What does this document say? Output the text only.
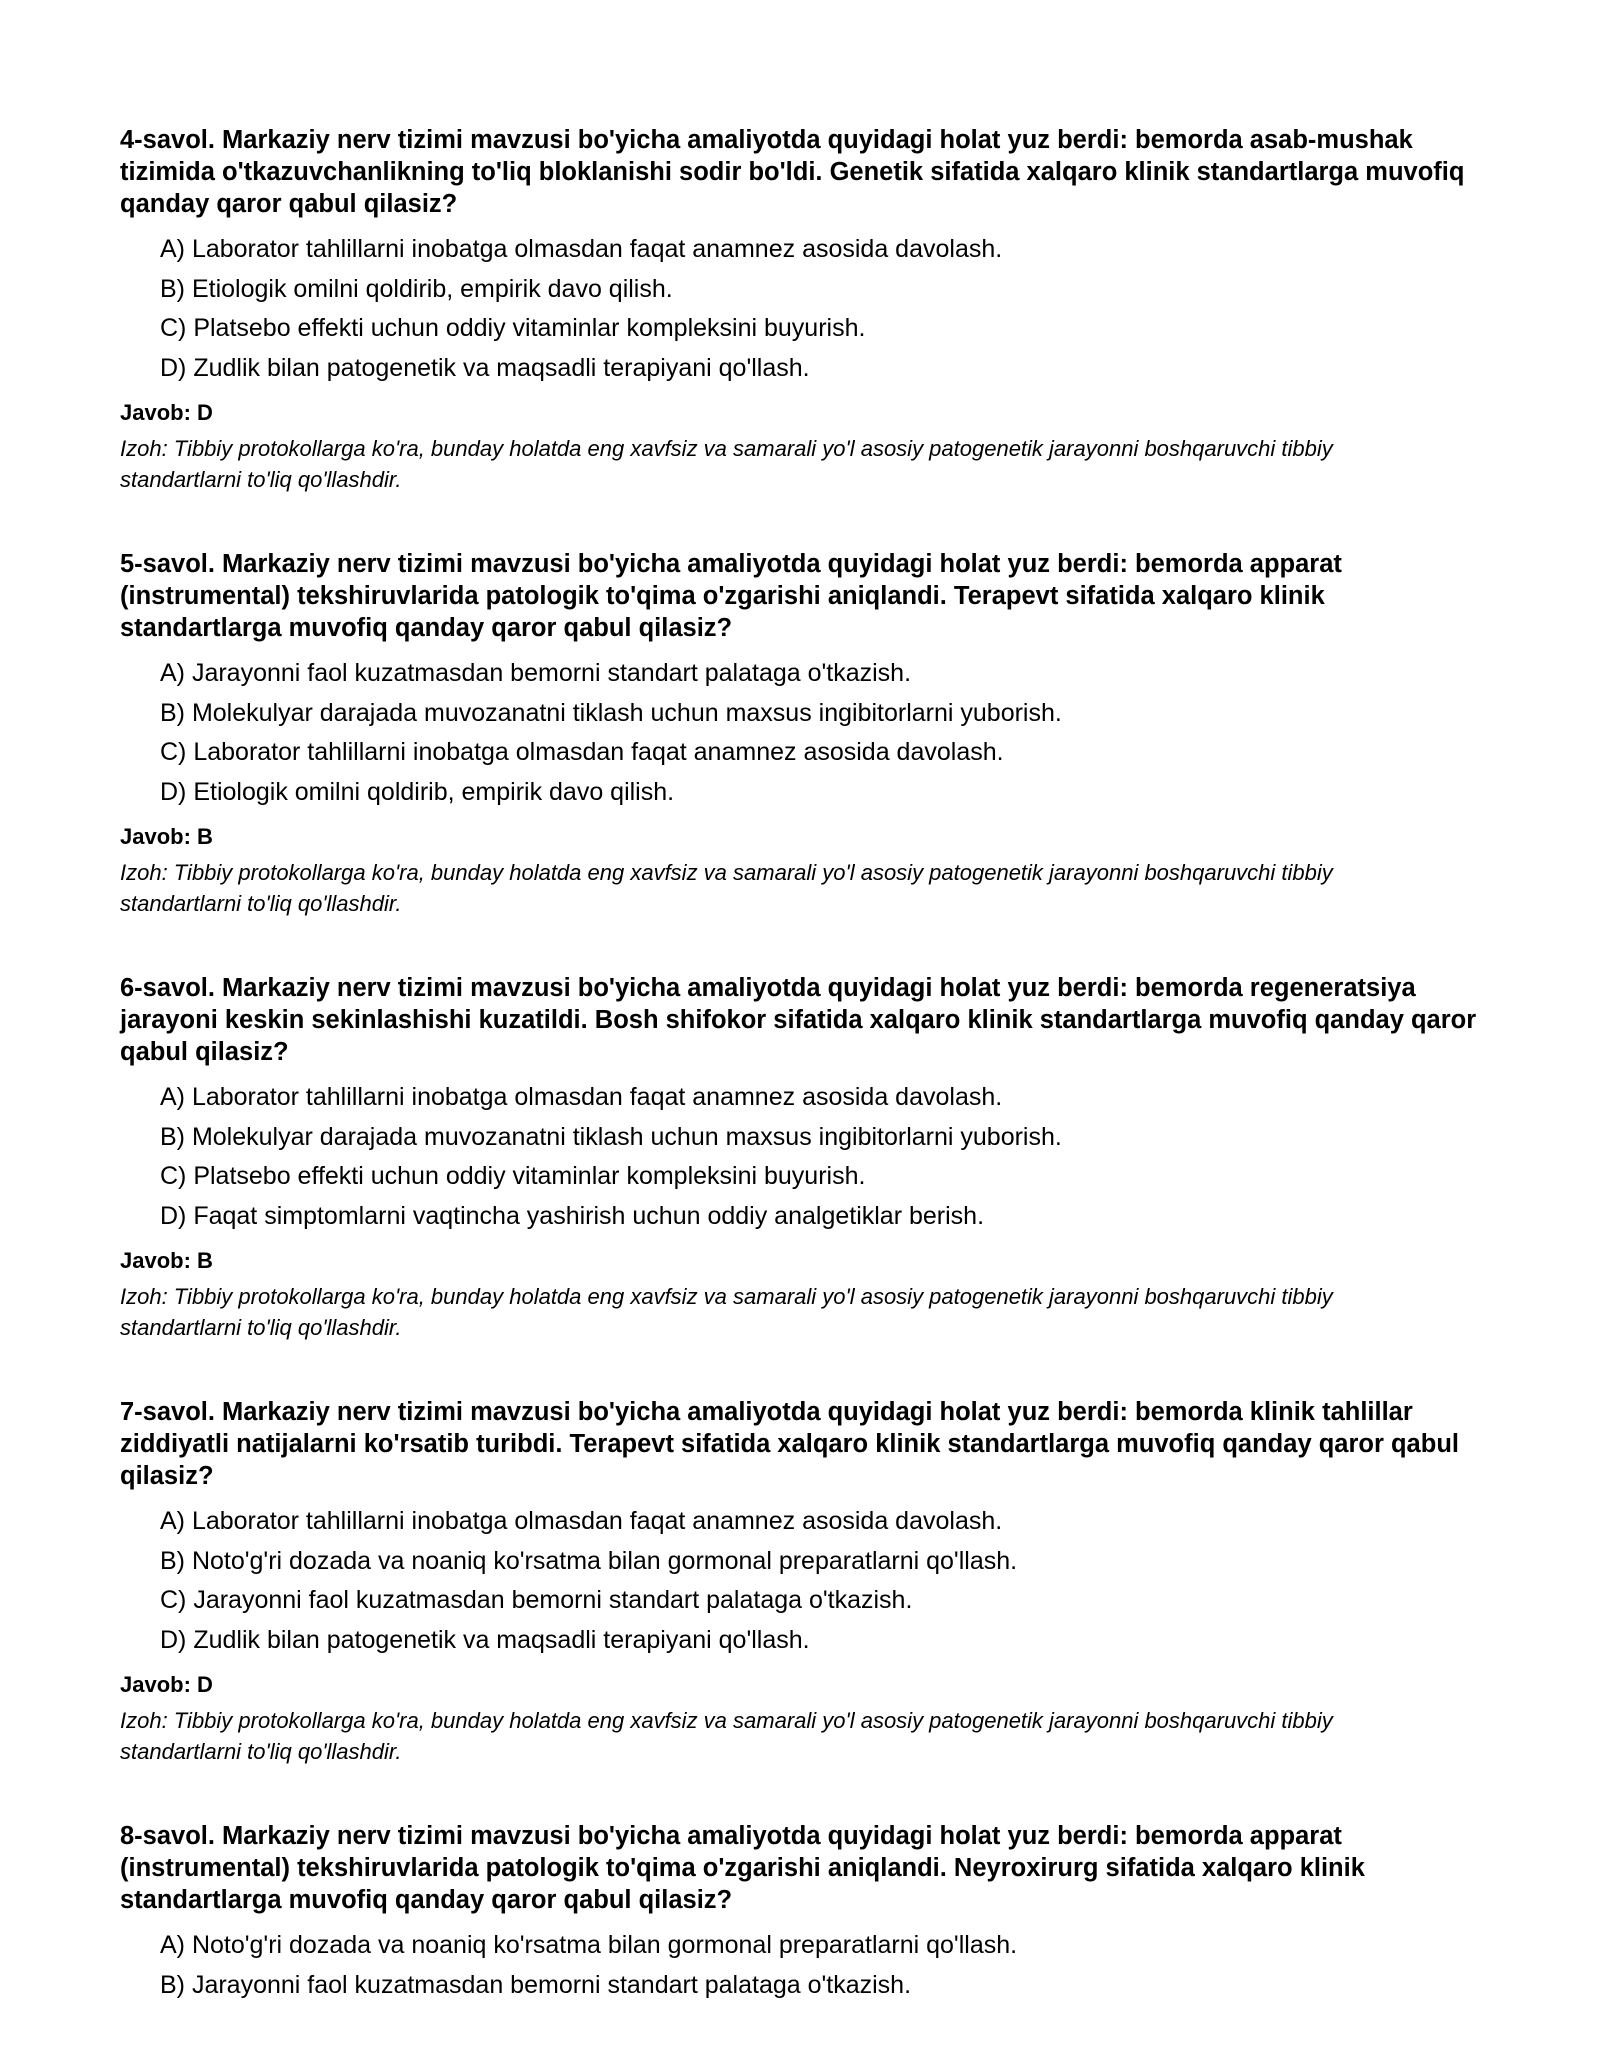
4-savol. Markaziy nerv tizimi mavzusi bo'yicha amaliyotda quyidagi holat yuz berdi: bemorda asab-mushak tizimida o'tkazuvchanlikning to'liq bloklanishi sodir bo'ldi. Genetik sifatida xalqaro klinik standartlarga muvofiq qanday qaror qabul qilasiz?

A) Laborator tahlillarni inobatga olmasdan faqat anamnez asosida davolash.
B) Etiologik omilni qoldirib, empirik davo qilish.
C) Platsebo effekti uchun oddiy vitaminlar kompleksini buyurish.
D) Zudlik bilan patogenetik va maqsadli terapiyani qo'llash.

Javob: D

Izoh: Tibbiy protokollarga ko'ra, bunday holatda eng xavfsiz va samarali yo'l asosiy patogenetik jarayonni boshqaruvchi tibbiy standartlarni to'liq qo'llashdir.

5-savol. Markaziy nerv tizimi mavzusi bo'yicha amaliyotda quyidagi holat yuz berdi: bemorda apparat (instrumental) tekshiruvlarida patologik to'qima o'zgarishi aniqlandi. Terapevt sifatida xalqaro klinik standartlarga muvofiq qanday qaror qabul qilasiz?

A) Jarayonni faol kuzatmasdan bemorni standart palataga o'tkazish.
B) Molekulyar darajada muvozanatni tiklash uchun maxsus ingibitorlarni yuborish.
C) Laborator tahlillarni inobatga olmasdan faqat anamnez asosida davolash.
D) Etiologik omilni qoldirib, empirik davo qilish.

Javob: B

Izoh: Tibbiy protokollarga ko'ra, bunday holatda eng xavfsiz va samarali yo'l asosiy patogenetik jarayonni boshqaruvchi tibbiy standartlarni to'liq qo'llashdir.

6-savol. Markaziy nerv tizimi mavzusi bo'yicha amaliyotda quyidagi holat yuz berdi: bemorda regeneratsiya jarayoni keskin sekinlashishi kuzatildi. Bosh shifokor sifatida xalqaro klinik standartlarga muvofiq qanday qaror qabul qilasiz?

A) Laborator tahlillarni inobatga olmasdan faqat anamnez asosida davolash.
B) Molekulyar darajada muvozanatni tiklash uchun maxsus ingibitorlarni yuborish.
C) Platsebo effekti uchun oddiy vitaminlar kompleksini buyurish.
D) Faqat simptomlarni vaqtincha yashirish uchun oddiy analgetiklar berish.

Javob: B

Izoh: Tibbiy protokollarga ko'ra, bunday holatda eng xavfsiz va samarali yo'l asosiy patogenetik jarayonni boshqaruvchi tibbiy standartlarni to'liq qo'llashdir.

7-savol. Markaziy nerv tizimi mavzusi bo'yicha amaliyotda quyidagi holat yuz berdi: bemorda klinik tahlillar ziddiyatli natijalarni ko'rsatib turibdi. Terapevt sifatida xalqaro klinik standartlarga muvofiq qanday qaror qabul qilasiz?

A) Laborator tahlillarni inobatga olmasdan faqat anamnez asosida davolash.
B) Noto'g'ri dozada va noaniq ko'rsatma bilan gormonal preparatlarni qo'llash.
C) Jarayonni faol kuzatmasdan bemorni standart palataga o'tkazish.
D) Zudlik bilan patogenetik va maqsadli terapiyani qo'llash.

Javob: D

Izoh: Tibbiy protokollarga ko'ra, bunday holatda eng xavfsiz va samarali yo'l asosiy patogenetik jarayonni boshqaruvchi tibbiy standartlarni to'liq qo'llashdir.

8-savol. Markaziy nerv tizimi mavzusi bo'yicha amaliyotda quyidagi holat yuz berdi: bemorda apparat (instrumental) tekshiruvlarida patologik to'qima o'zgarishi aniqlandi. Neyroxirurg sifatida xalqaro klinik standartlarga muvofiq qanday qaror qabul qilasiz?

A) Noto'g'ri dozada va noaniq ko'rsatma bilan gormonal preparatlarni qo'llash.
B) Jarayonni faol kuzatmasdan bemorni standart palataga o'tkazish.
